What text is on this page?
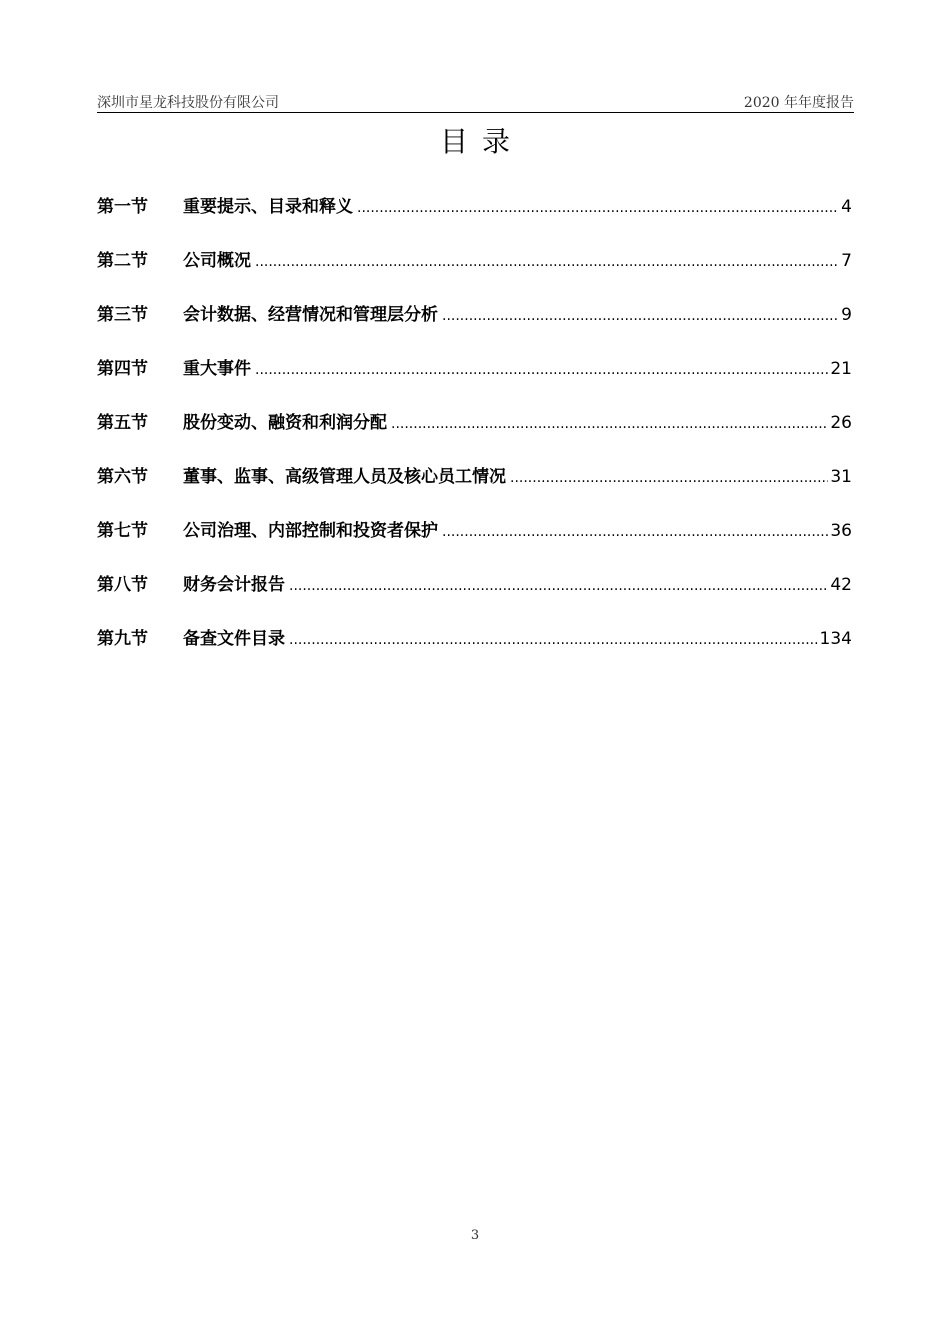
深圳市星龙科技股份有限公司	2020 年年度报告
目录
第一节	重要提示、目录和释义 .....	4
第二节	公司概况 .....	7
第三节	会计数据、经营情况和管理层分析 .....	9
第四节	重大事件 .....	21
第五节	股份变动、融资和利润分配 .....	26
第六节	董事、监事、高级管理人员及核心员工情况 .....	31
第七节	公司治理、内部控制和投资者保护 .....	36
第八节	财务会计报告 .....	42
第九节	备查文件目录 .....	134
3
